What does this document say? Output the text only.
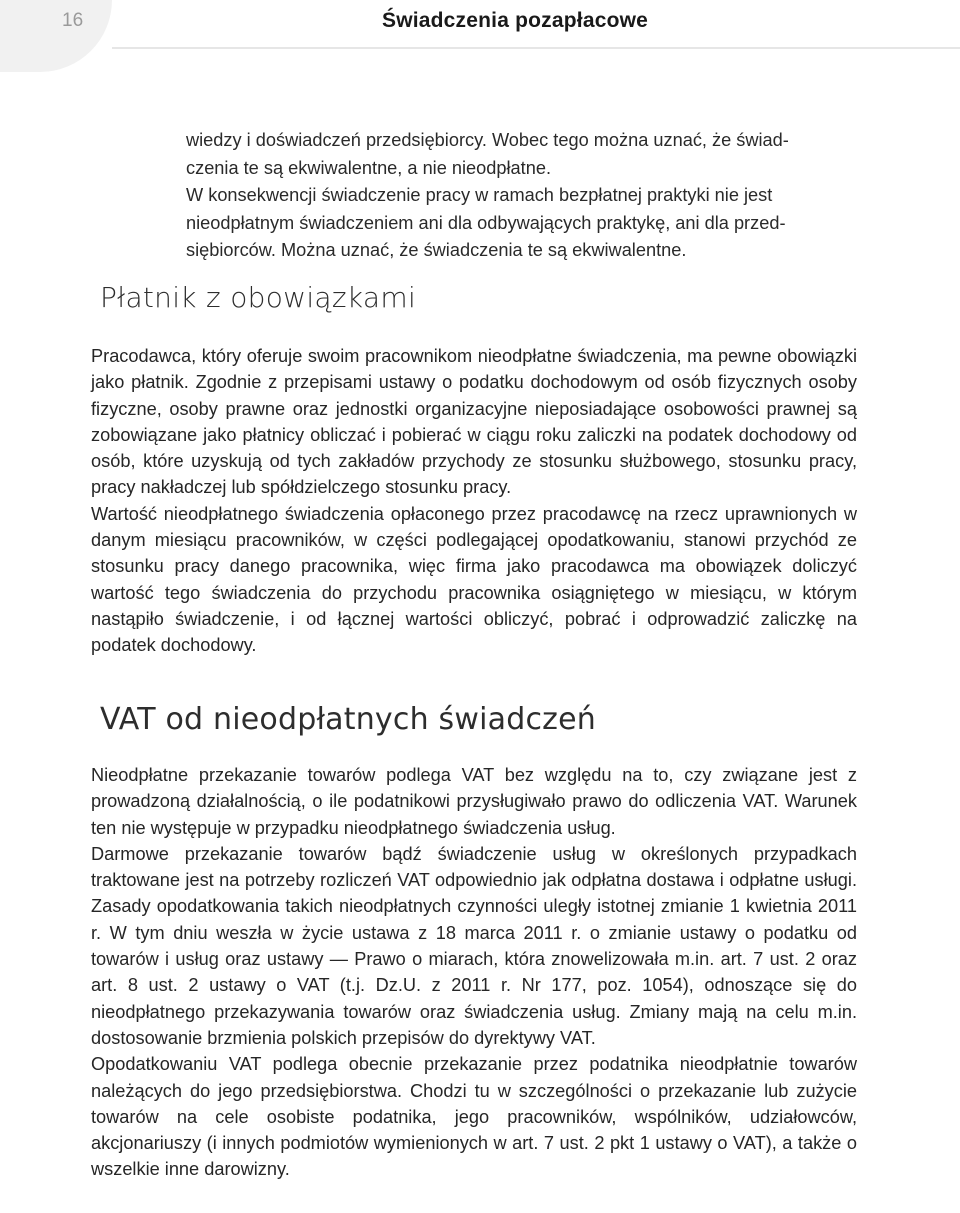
16	Świadczenia pozapłacowe

wiedzy i doświadczeń przedsiębiorcy. Wobec tego można uznać, że świad-

czenia te są ekwiwalentne, a nie nieodpłatne.

W konsekwencji świadczenie pracy w ramach bezpłatnej praktyki nie jest

nieodpłatnym świadczeniem ani dla odbywających praktykę, ani dla przed-

siębiorców. Można uznać, że świadczenia te są ekwiwalentne.

Płatnik z obowiązkami

Pracodawca, który oferuje swoim pracownikom nieodpłatne świadczenia, ma pewne obowiązki jako płatnik. Zgodnie z przepisami ustawy o podatku dochodowym od osób fizycznych osoby fizyczne, osoby prawne oraz jednostki organizacyjne nieposiadające osobowości prawnej są zobowiązane jako płatnicy obliczać i pobierać w ciągu roku zaliczki na podatek dochodowy od osób, które uzyskują od tych zakładów przychody ze stosunku służbowego, stosunku pracy, pracy nakładczej lub spółdzielczego stosunku pracy.

Wartość nieodpłatnego świadczenia opłaconego przez pracodawcę na rzecz uprawnionych w danym miesiącu pracowników, w części podlegającej opodatkowaniu, stanowi przychód ze stosunku pracy danego pracownika, więc firma jako pracodawca ma obowiązek doliczyć wartość tego świadczenia do przychodu pracownika osiągniętego w miesiącu, w którym nastąpiło świadczenie, i od łącznej wartości obliczyć, pobrać i odprowadzić zaliczkę na podatek dochodowy.

VAT od nieodpłatnych świadczeń

Nieodpłatne przekazanie towarów podlega VAT bez względu na to, czy związane jest z prowadzoną działalnością, o ile podatnikowi przysługiwało prawo do odliczenia VAT. Warunek ten nie występuje w przypadku nieodpłatnego świadczenia usług.

Darmowe przekazanie towarów bądź świadczenie usług w określonych przypadkach traktowane jest na potrzeby rozliczeń VAT odpowiednio jak odpłatna dostawa i odpłatne usługi. Zasady opodatkowania takich nieodpłatnych czynności uległy istotnej zmianie 1 kwietnia 2011 r. W tym dniu weszła w życie ustawa z 18 marca 2011 r. o zmianie ustawy o podatku od towarów i usług oraz ustawy — Prawo o miarach, która znowelizowała m.in. art. 7 ust. 2 oraz art. 8 ust. 2 ustawy o VAT (t.j. Dz.U. z 2011 r. Nr 177, poz. 1054), odnoszące się do nieodpłatnego przekazywania towarów oraz świadczenia usług. Zmiany mają na celu m.in. dostosowanie brzmienia polskich przepisów do dyrektywy VAT.

Opodatkowaniu VAT podlega obecnie przekazanie przez podatnika nieodpłatnie towarów należących do jego przedsiębiorstwa. Chodzi tu w szczególności o przekazanie lub zużycie towarów na cele osobiste podatnika, jego pracowników, wspólników, udziałowców, akcjonariuszy (i innych podmiotów wymienionych w art. 7 ust. 2 pkt 1 ustawy o VAT), a także o wszelkie inne darowizny.
